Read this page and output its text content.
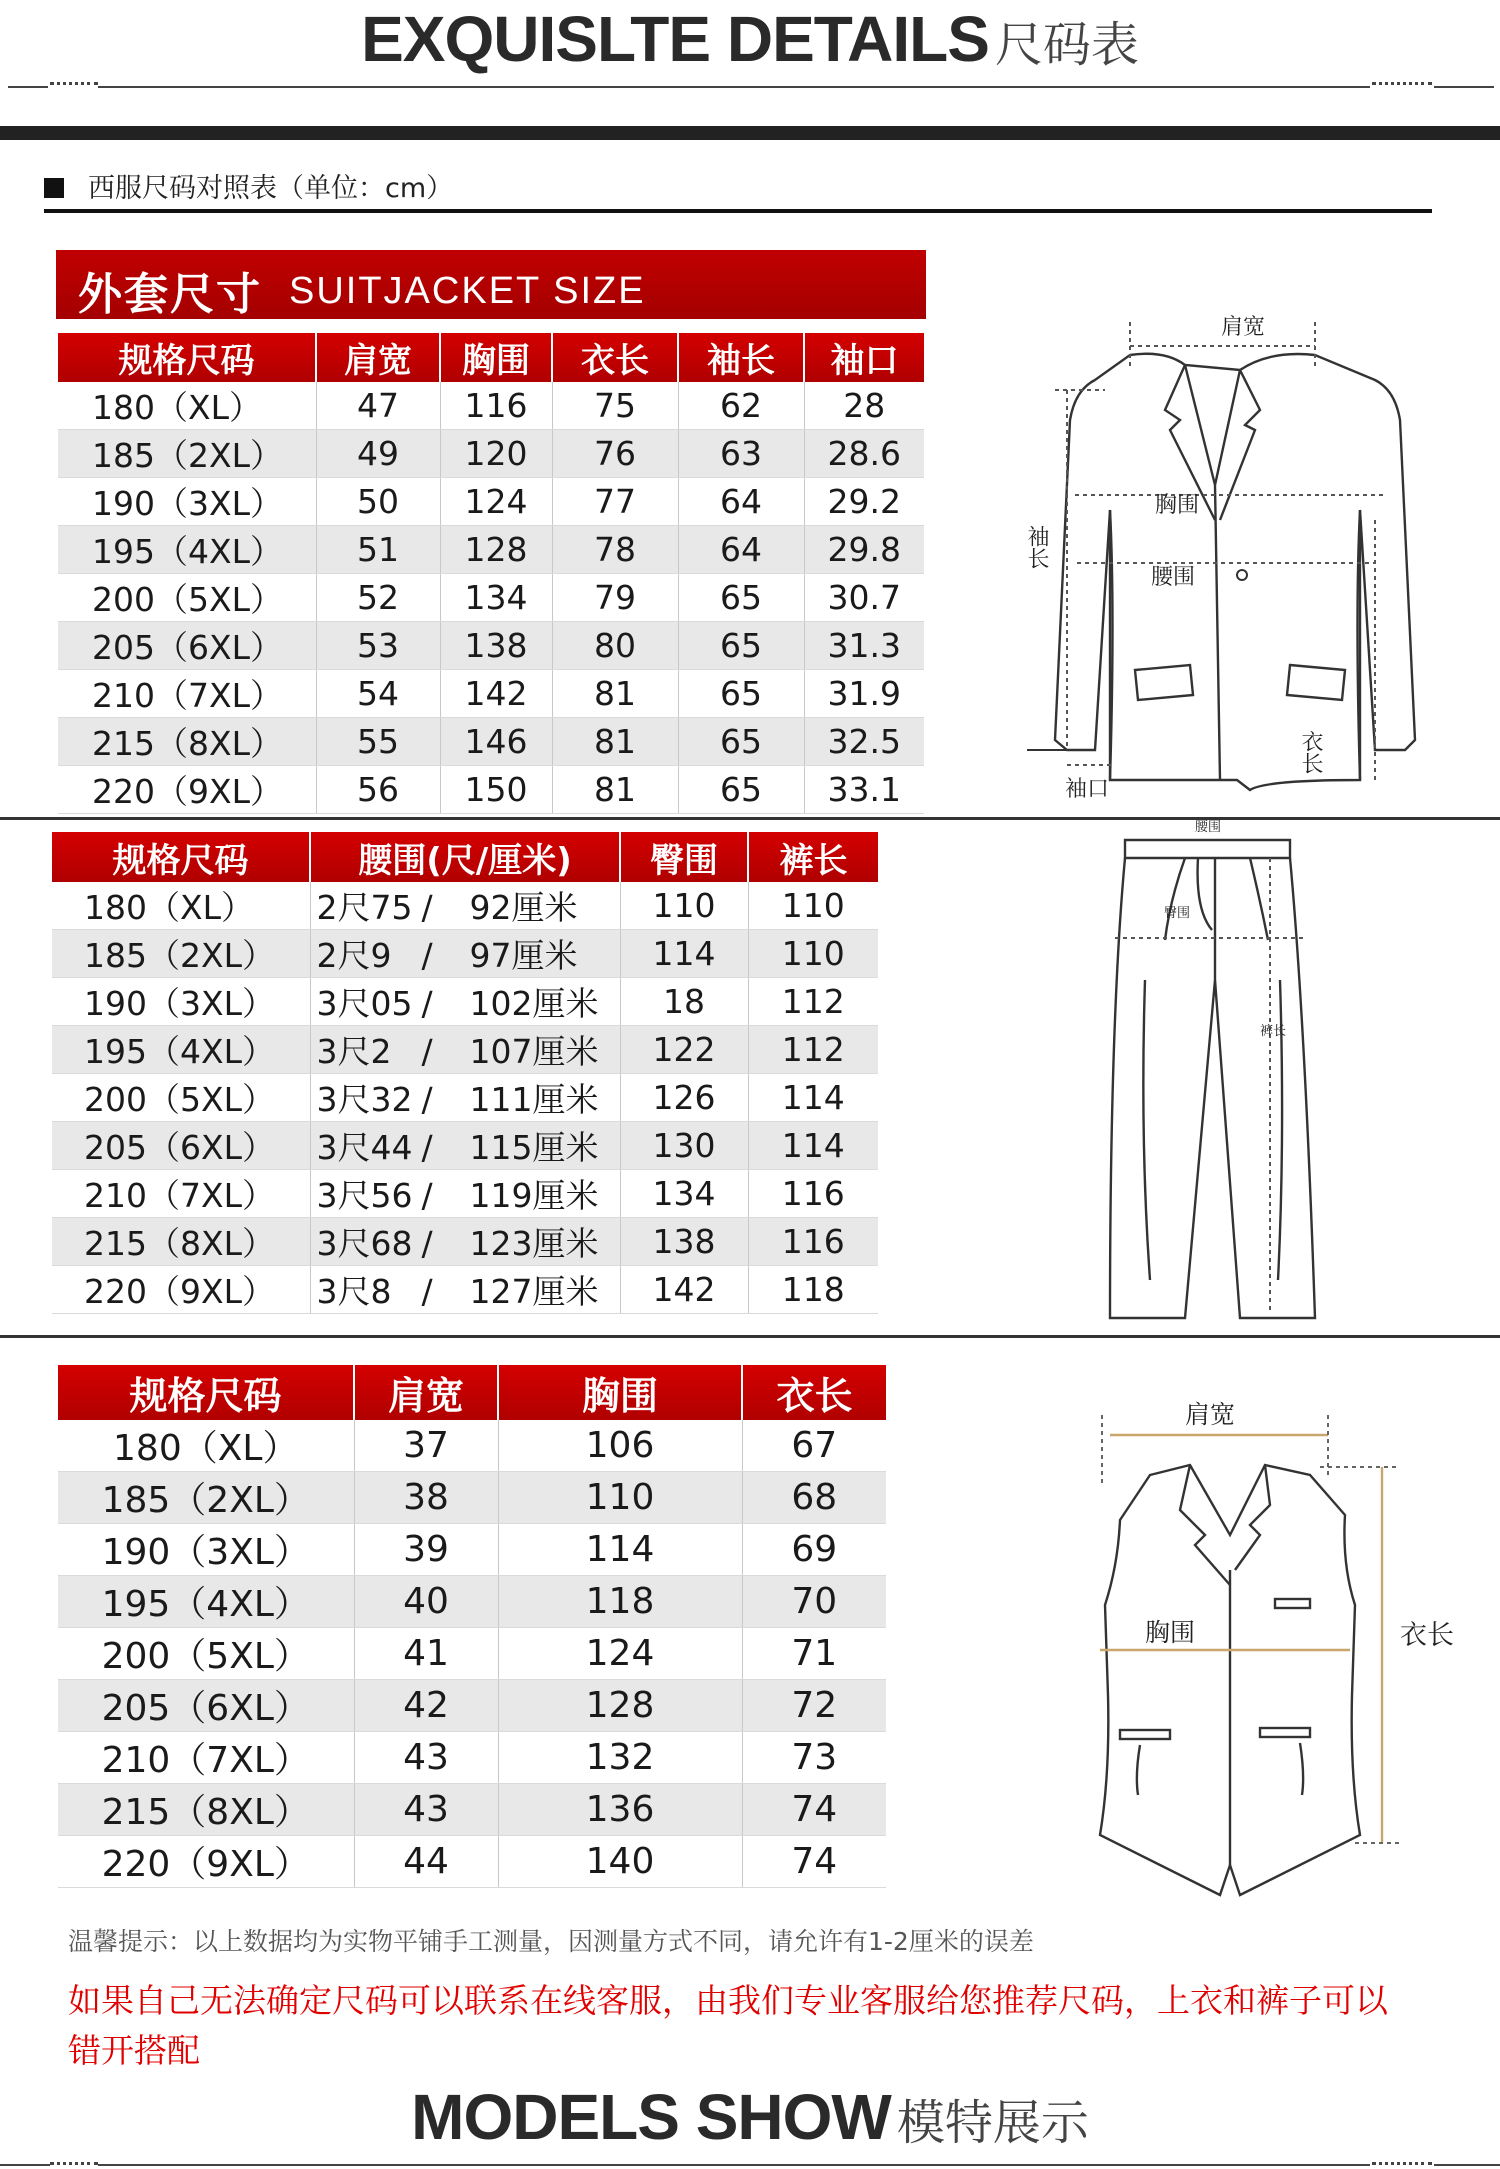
EXQUISLTE DETAILS 尺码表
西服尺码对照表（单位：cm）
外套尺寸 SUITJACKET SIZE
规格尺码	肩宽	胸围	衣长	袖长	袖口
180（XL）	47	116	75	62	28
185（2XL）	49	120	76	63	28.6
190（3XL）	50	124	77	64	29.2
195（4XL）	51	128	78	64	29.8
200（5XL）	52	134	79	65	30.7
205（6XL）	53	138	80	65	31.3
210（7XL）	54	142	81	65	31.9
215（8XL）	55	146	81	65	32.5
220（9XL）	56	150	81	65	33.1
肩宽
胸围
腰围
袖长
衣长
袖口
规格尺码	腰围(尺/厘米)	臀围	裤长
180（XL）	2尺75 / 92厘米	110	110
185（2XL）	2尺9 / 97厘米	114	110
190（3XL）	3尺05 / 102厘米	18	112
195（4XL）	3尺2 / 107厘米	122	112
200（5XL）	3尺32 / 111厘米	126	114
205（6XL）	3尺44 / 115厘米	130	114
210（7XL）	3尺56 / 119厘米	134	116
215（8XL）	3尺68 / 123厘米	138	116
220（9XL）	3尺8 / 127厘米	142	118
腰围
臀围
裤长
规格尺码	肩宽	胸围	衣长
180（XL）	37	106	67
185（2XL）	38	110	68
190（3XL）	39	114	69
195（4XL）	40	118	70
200（5XL）	41	124	71
205（6XL）	42	128	72
210（7XL）	43	132	73
215（8XL）	43	136	74
220（9XL）	44	140	74
肩宽
胸围	衣长
温馨提示：以上数据均为实物平铺手工测量，因测量方式不同，请允许有1-2厘米的误差
如果自己无法确定尺码可以联系在线客服，由我们专业客服给您推荐尺码，上衣和裤子可以错开搭配
MODELS SHOW 模特展示
